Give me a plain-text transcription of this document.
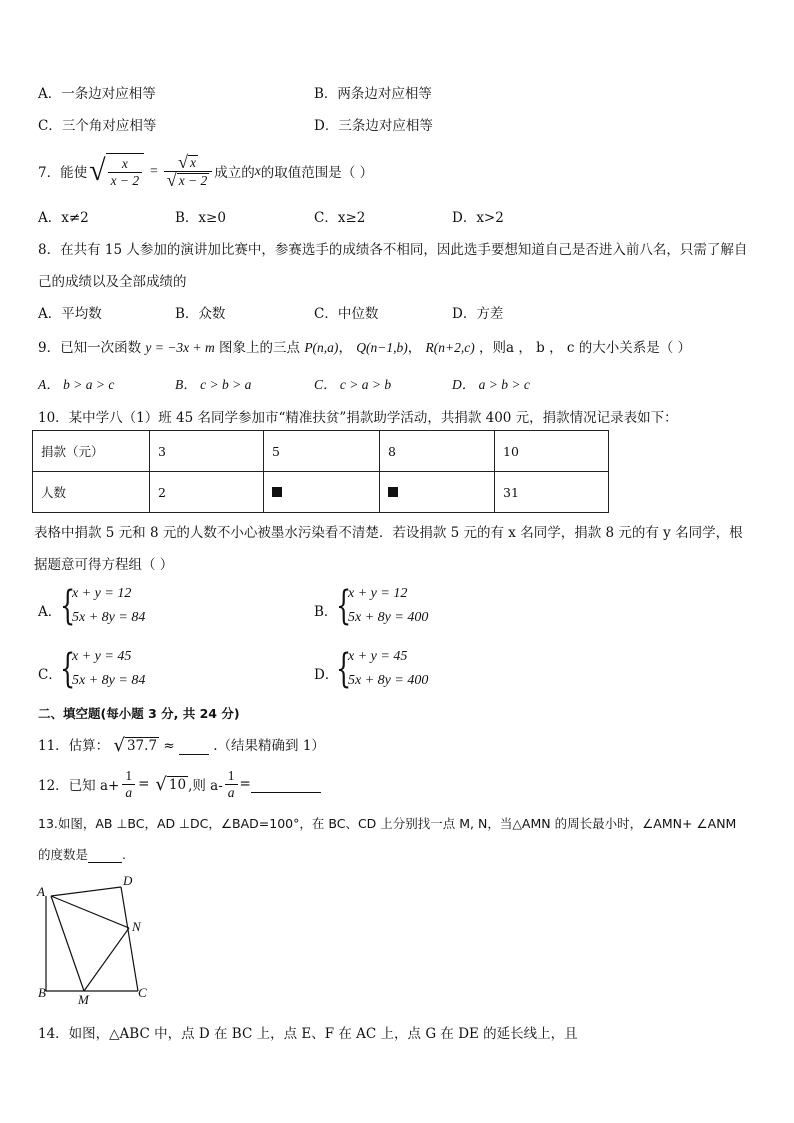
A．一条边对应相等	B．两条边对应相等
C．三个角对应相等	D．三条边对应相等
7．能使 √ $\frac{x}{x - 2} = \frac{√ x}{√ x - 2}$ 成立的 x 的取值范围是（ ）
A．x≠2	B．x≥0	C．x≥2	D．x>2
8．在共有 15 人参加的演讲加比赛中，参赛选手的成绩各不相同，因此选手要想知道自己是否进入前八名，只需了解自
己的成绩以及全部成绩的
A．平均数	B．众数	C．中位数	D．方差
9．已知一次函数 y = −3x + m 图象上的三点 P(n,a)， Q(n−1,b)， R(n+2,c) ，则a ， b ， c 的大小关系是（ ）
A． b > a > c	B． c > b > a	C． c > a > b	D． a > b > c
10．某中学八（1）班 45 名同学参加市“精准扶贫”捐款助学活动，共捐款 400 元，捐款情况记录表如下：
捐款（元）	3	5	8	10
人数	2			31
表格中捐款 5 元和 8 元的人数不小心被墨水污染看不清楚．若设捐款 5 元的有 x 名同学，捐款 8 元的有 y 名同学，根
据题意可得方程组（ ）
A．
{
x + y = 12
5x + 8y = 84	B．
{
x + y = 12
5x + 8y = 400
C．
{
x + y = 45
5x + 8y = 84	D．
{
x + y = 45
5x + 8y = 400
二、填空题(每小题 3 分, 共 24 分)
11．估算： √ 37.7 ≈	.（结果精确到 1）
12．已知 $a+ \frac{1}{a}$ = √ 10 ,则 $a- \frac{1}{a}$ =

13.如图，AB ⊥BC，AD ⊥DC，∠BAD=100°，在 BC、CD 上分别找一点 M, N，当△AMN 的周长最小时，∠AMN+ ∠ANM
的度数是	.
A
D
N
B M	C
14．如图，△ABC 中，点 D 在 BC 上，点 E、F 在 AC 上，点 G 在 DE 的延长线上，且
